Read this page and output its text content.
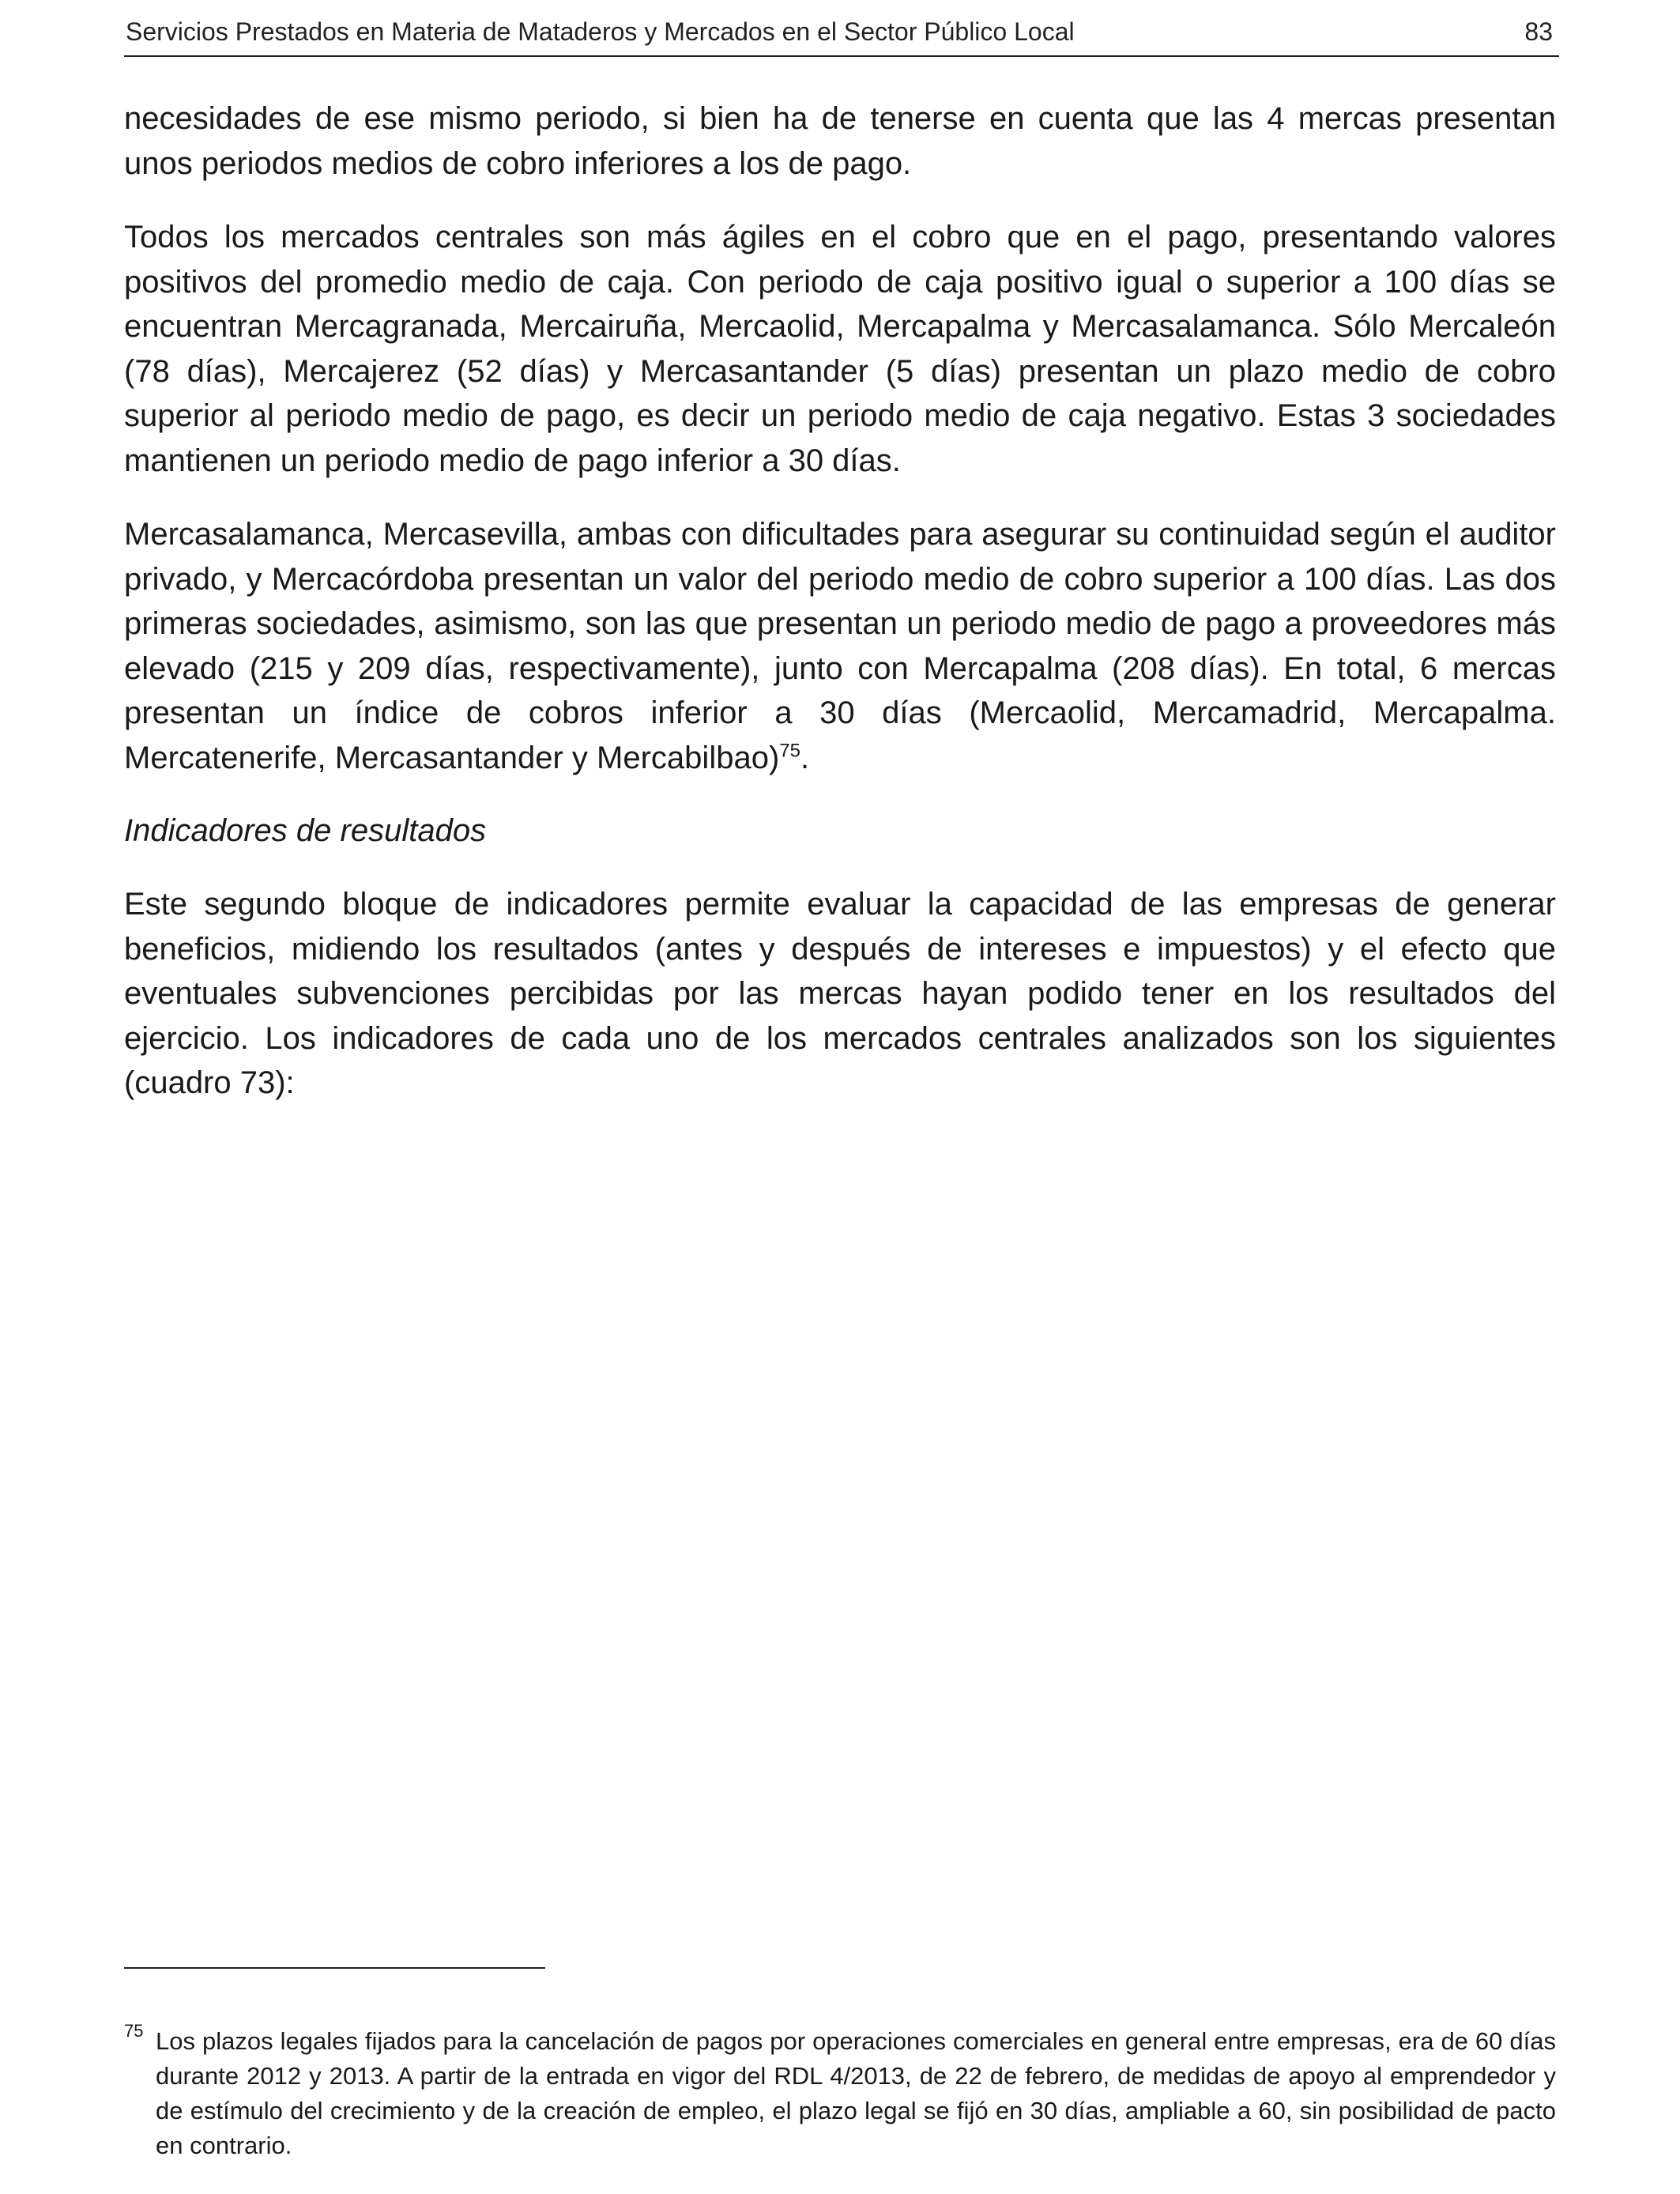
Servicios Prestados en Materia de Mataderos y Mercados en el Sector Público Local	83

necesidades de ese mismo periodo, si bien ha de tenerse en cuenta que las 4 mercas presentan unos periodos medios de cobro inferiores a los de pago.

Todos los mercados centrales son más ágiles en el cobro que en el pago, presentando valores positivos del promedio medio de caja. Con periodo de caja positivo igual o superior a 100 días se encuentran Mercagranada, Mercairuña, Mercaolid, Mercapalma y Mercasalamanca. Sólo Mercaleón (78 días), Mercajerez (52 días) y Mercasantander (5 días) presentan un plazo medio de cobro superior al periodo medio de pago, es decir un periodo medio de caja negativo. Estas 3 sociedades mantienen un periodo medio de pago inferior a 30 días.

Mercasalamanca, Mercasevilla, ambas con dificultades para asegurar su continuidad según el auditor privado, y Mercacórdoba presentan un valor del periodo medio de cobro superior a 100 días. Las dos primeras sociedades, asimismo, son las que presentan un periodo medio de pago a proveedores más elevado (215 y 209 días, respectivamente), junto con Mercapalma (208 días). En total, 6 mercas presentan un índice de cobros inferior a 30 días (Mercaolid, Mercamadrid, Mercapalma. Mercatenerife, Mercasantander y Mercabilbao)$^{75}$.

Indicadores de resultados

Este segundo bloque de indicadores permite evaluar la capacidad de las empresas de generar beneficios, midiendo los resultados (antes y después de intereses e impuestos) y el efecto que eventuales subvenciones percibidas por las mercas hayan podido tener en los resultados del ejercicio. Los indicadores de cada uno de los mercados centrales analizados son los siguientes (cuadro 73):

75 Los plazos legales fijados para la cancelación de pagos por operaciones comerciales en general entre empresas, era de 60 días durante 2012 y 2013. A partir de la entrada en vigor del RDL 4/2013, de 22 de febrero, de medidas de apoyo al emprendedor y de estímulo del crecimiento y de la creación de empleo, el plazo legal se fijó en 30 días, ampliable a 60, sin posibilidad de pacto en contrario.
